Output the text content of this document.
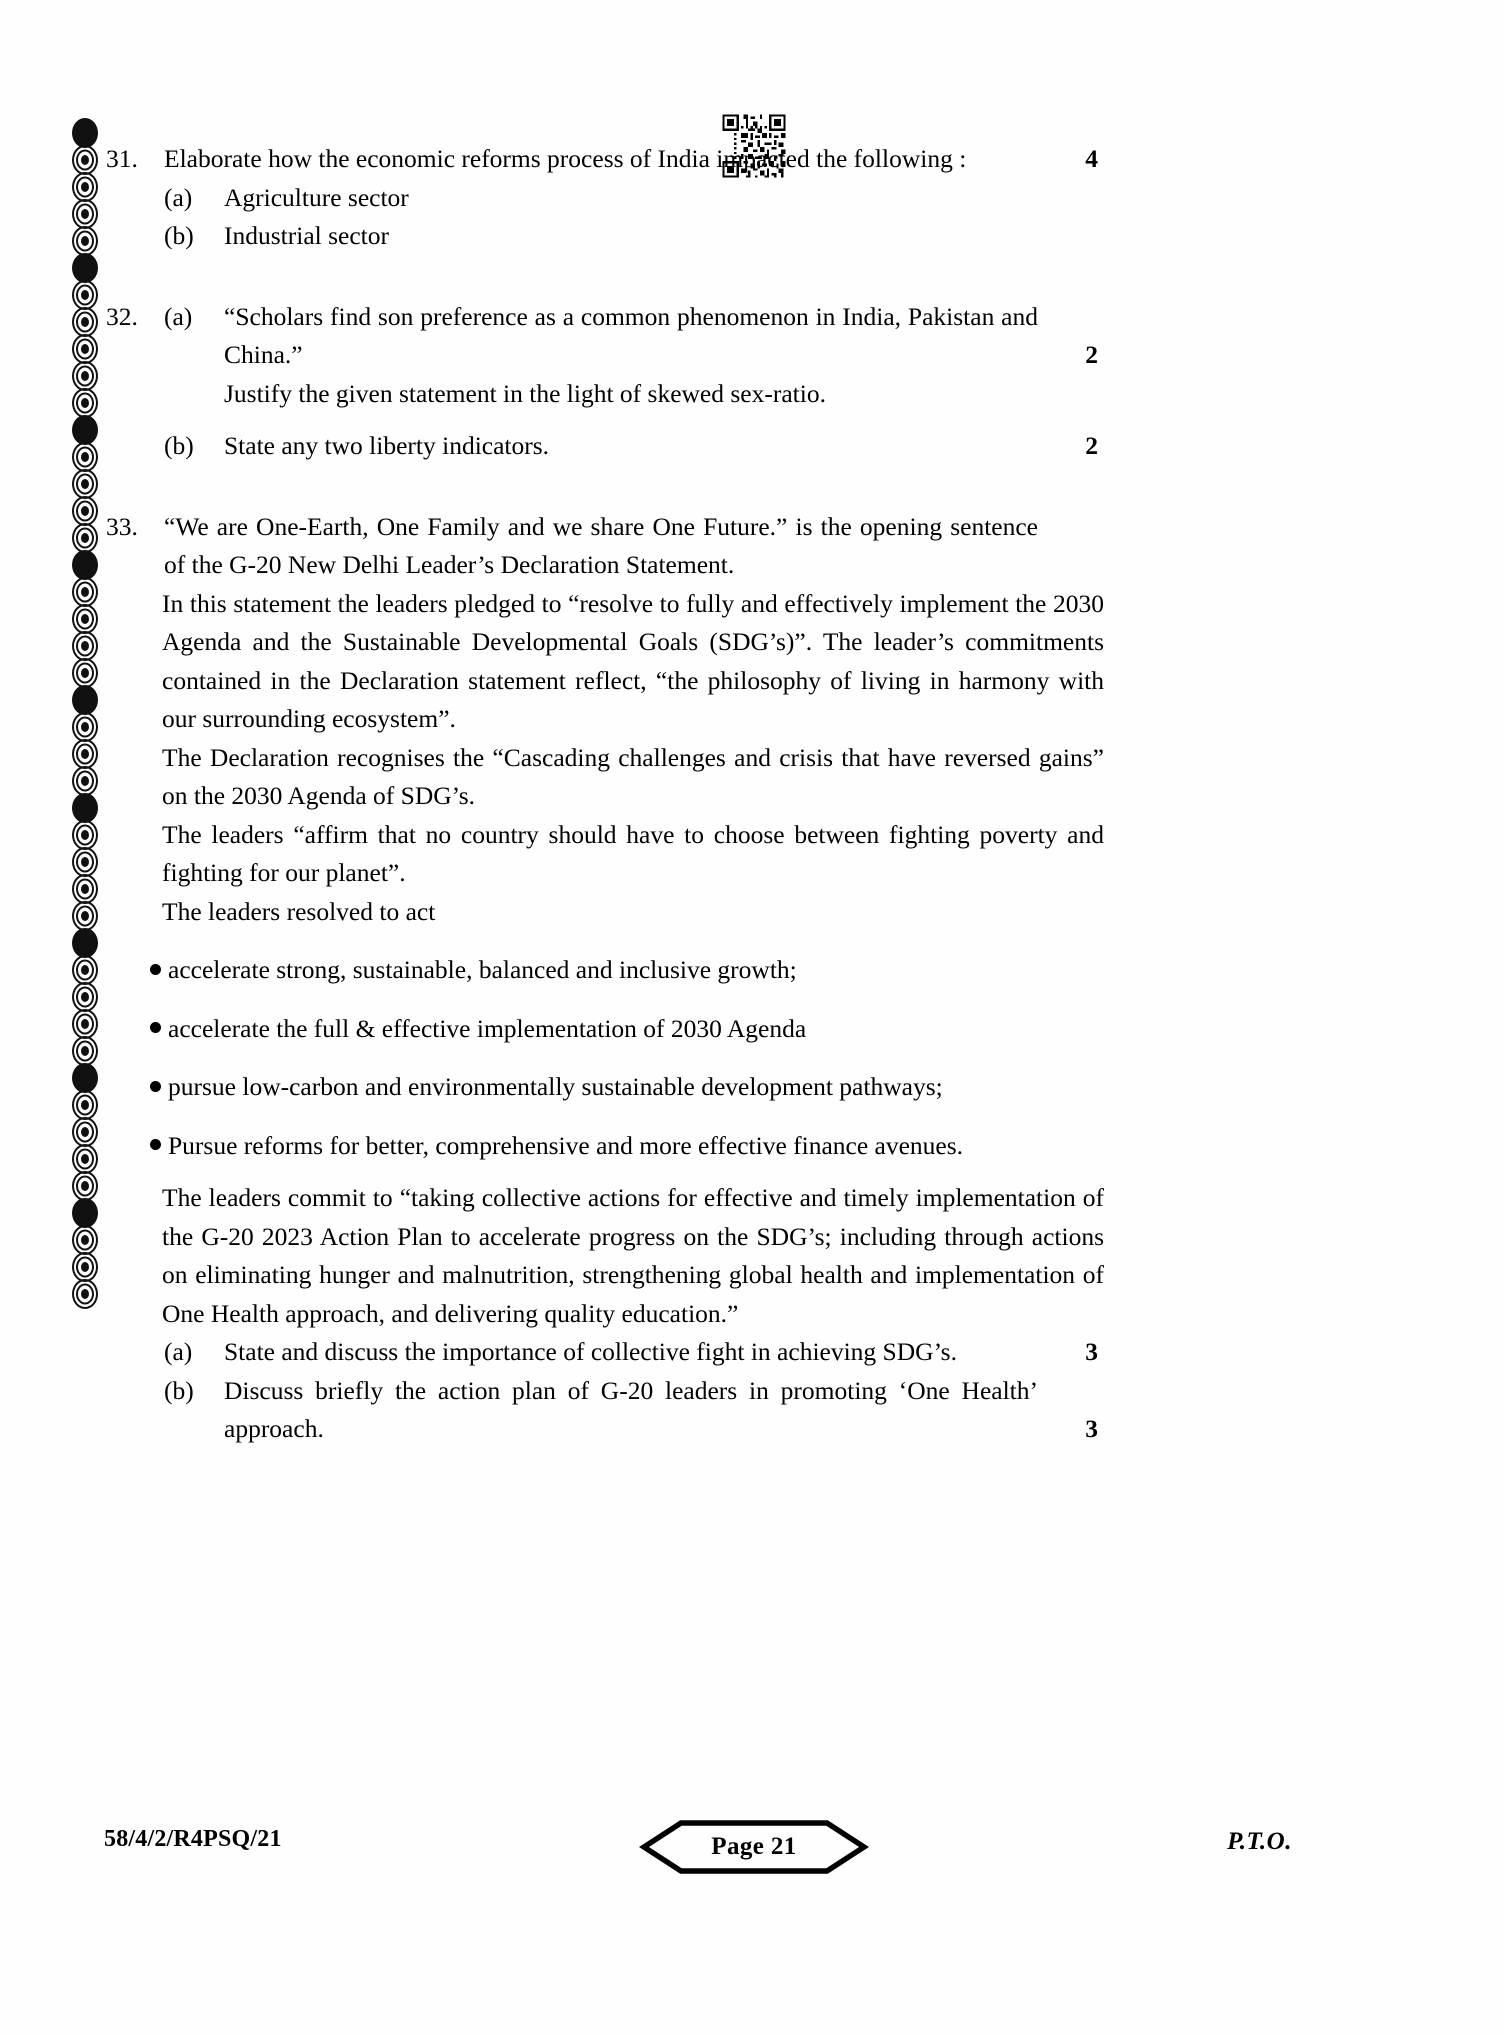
31.	Elaborate how the economic reforms process of India impacted the following :	4
(a)	Agriculture sector
(b)	Industrial sector
32.	(a)	“Scholars find son preference as a common phenomenon in India, Pakistan and China.”	2
Justify the given statement in the light of skewed sex-ratio.
(b)	State any two liberty indicators.	2
33.	“We are One-Earth, One Family and we share One Future.” is the opening sentence of the G-20 New Delhi Leader’s Declaration Statement.
In this statement the leaders pledged to “resolve to fully and effectively implement the 2030 Agenda and the Sustainable Developmental Goals (SDG’s)”. The leader’s commitments contained in the Declaration statement reflect, “the philosophy of living in harmony with our surrounding ecosystem”.
The Declaration recognises the “Cascading challenges and crisis that have reversed gains” on the 2030 Agenda of SDG’s.
The leaders “affirm that no country should have to choose between fighting poverty and fighting for our planet”.
The leaders resolved to act
accelerate strong, sustainable, balanced and inclusive growth;
accelerate the full & effective implementation of 2030 Agenda
pursue low-carbon and environmentally sustainable development pathways;
Pursue reforms for better, comprehensive and more effective finance avenues.
The leaders commit to “taking collective actions for effective and timely implementation of the G-20 2023 Action Plan to accelerate progress on the SDG’s; including through actions on eliminating hunger and malnutrition, strengthening global health and implementation of One Health approach, and delivering quality education.”
(a)	State and discuss the importance of collective fight in achieving SDG’s.	3
(b)	Discuss briefly the action plan of G-20 leaders in promoting ‘One Health’ approach.	3
58/4/2/R4PSQ/21	Page 21	P.T.O.
